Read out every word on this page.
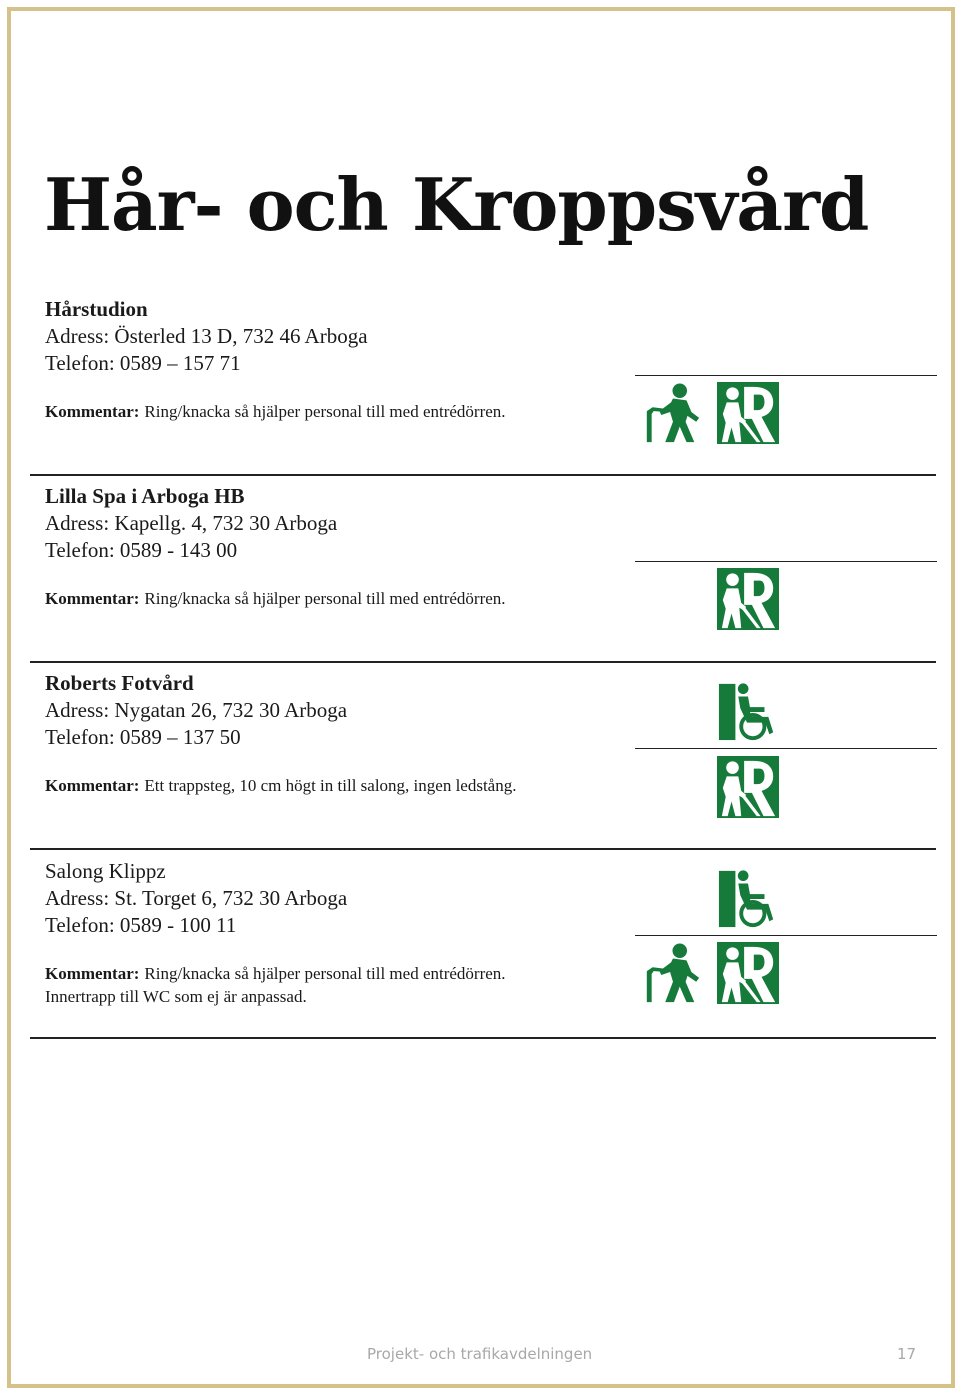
Hår- och Kroppsvård
Hårstudion
Adress: Österled 13 D, 732 46 Arboga
Telefon: 0589 – 157 71
Kommentar: Ring/knacka så hjälper personal till med entrédörren.
Lilla Spa i Arboga HB
Adress: Kapellg. 4, 732 30 Arboga
Telefon: 0589 - 143 00
Kommentar: Ring/knacka så hjälper personal till med entrédörren.
Roberts Fotvård
Adress: Nygatan 26, 732 30 Arboga
Telefon: 0589 – 137 50
Kommentar: Ett trappsteg, 10 cm högt in till salong, ingen ledstång.
Salong Klippz
Adress: St. Torget 6, 732 30 Arboga
Telefon: 0589 - 100 11
Kommentar: Ring/knacka så hjälper personal till med entrédörren.
Innertrapp till WC som ej är anpassad.
Projekt- och trafikavdelningen	17
